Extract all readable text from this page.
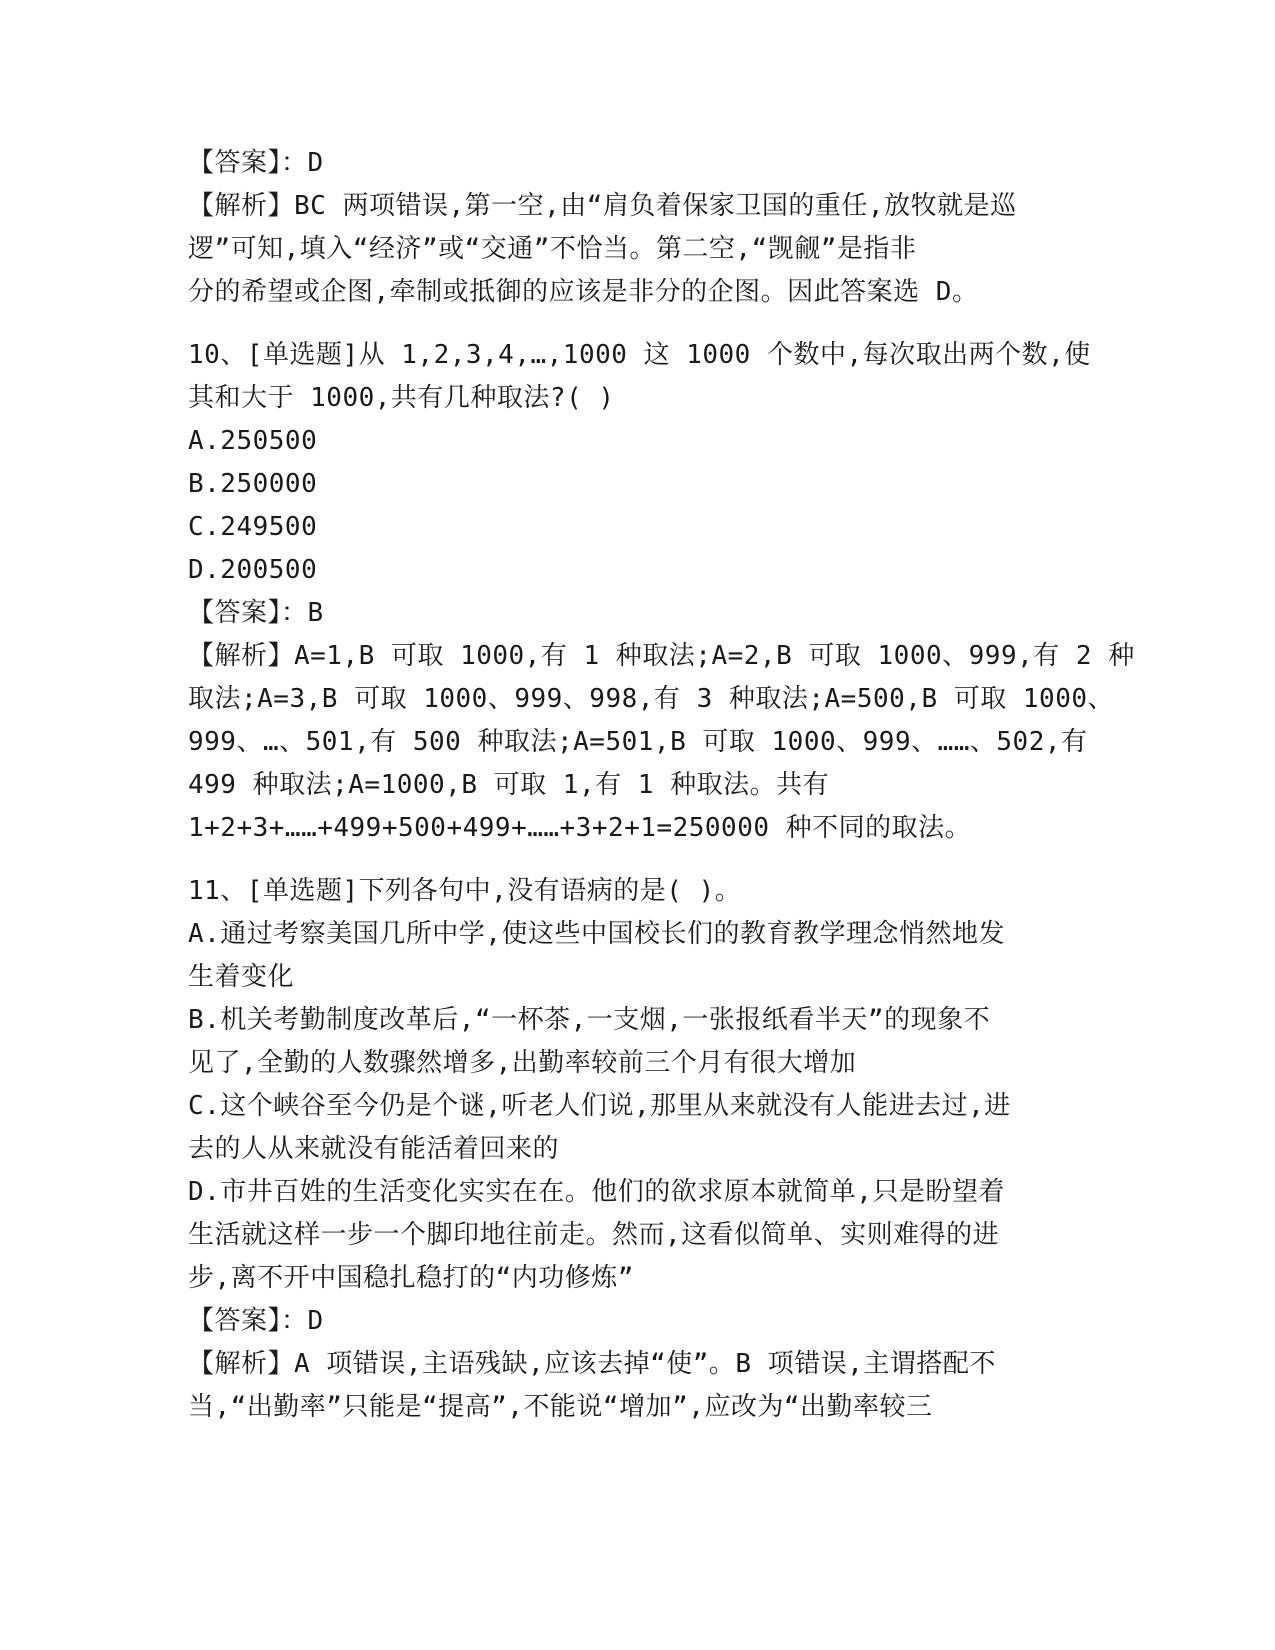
【答案】：D
【解析】BC 两项错误,第一空,由“肩负着保家卫国的重任,放牧就是巡
逻”可知,填入“经济”或“交通”不恰当。第二空,“觊觎”是指非
分的希望或企图,牵制或抵御的应该是非分的企图。因此答案选 D。
10、[单选题]从 1,2,3,4,…,1000 这 1000 个数中,每次取出两个数,使
其和大于 1000,共有几种取法?( )
A.250500
B.250000
C.249500
D.200500
【答案】：B
【解析】A=1,B 可取 1000,有 1 种取法;A=2,B 可取 1000、999,有 2 种
取法;A=3,B 可取 1000、999、998,有 3 种取法;A=500,B 可取 1000、
999、…、501,有 500 种取法;A=501,B 可取 1000、999、……、502,有
499 种取法;A=1000,B 可取 1,有 1 种取法。共有
1+2+3+……+499+500+499+……+3+2+1=250000 种不同的取法。
11、[单选题]下列各句中,没有语病的是( )。
A.通过考察美国几所中学,使这些中国校长们的教育教学理念悄然地发
生着变化
B.机关考勤制度改革后,“一杯茶,一支烟,一张报纸看半天”的现象不
见了,全勤的人数骤然增多,出勤率较前三个月有很大增加
C.这个峡谷至今仍是个谜,听老人们说,那里从来就没有人能进去过,进
去的人从来就没有能活着回来的
D.市井百姓的生活变化实实在在。他们的欲求原本就简单,只是盼望着
生活就这样一步一个脚印地往前走。然而,这看似简单、实则难得的进
步,离不开中国稳扎稳打的“内功修炼”
【答案】：D
【解析】A 项错误,主语残缺,应该去掉“使”。B 项错误,主谓搭配不
当,“出勤率”只能是“提高”,不能说“增加”,应改为“出勤率较三
